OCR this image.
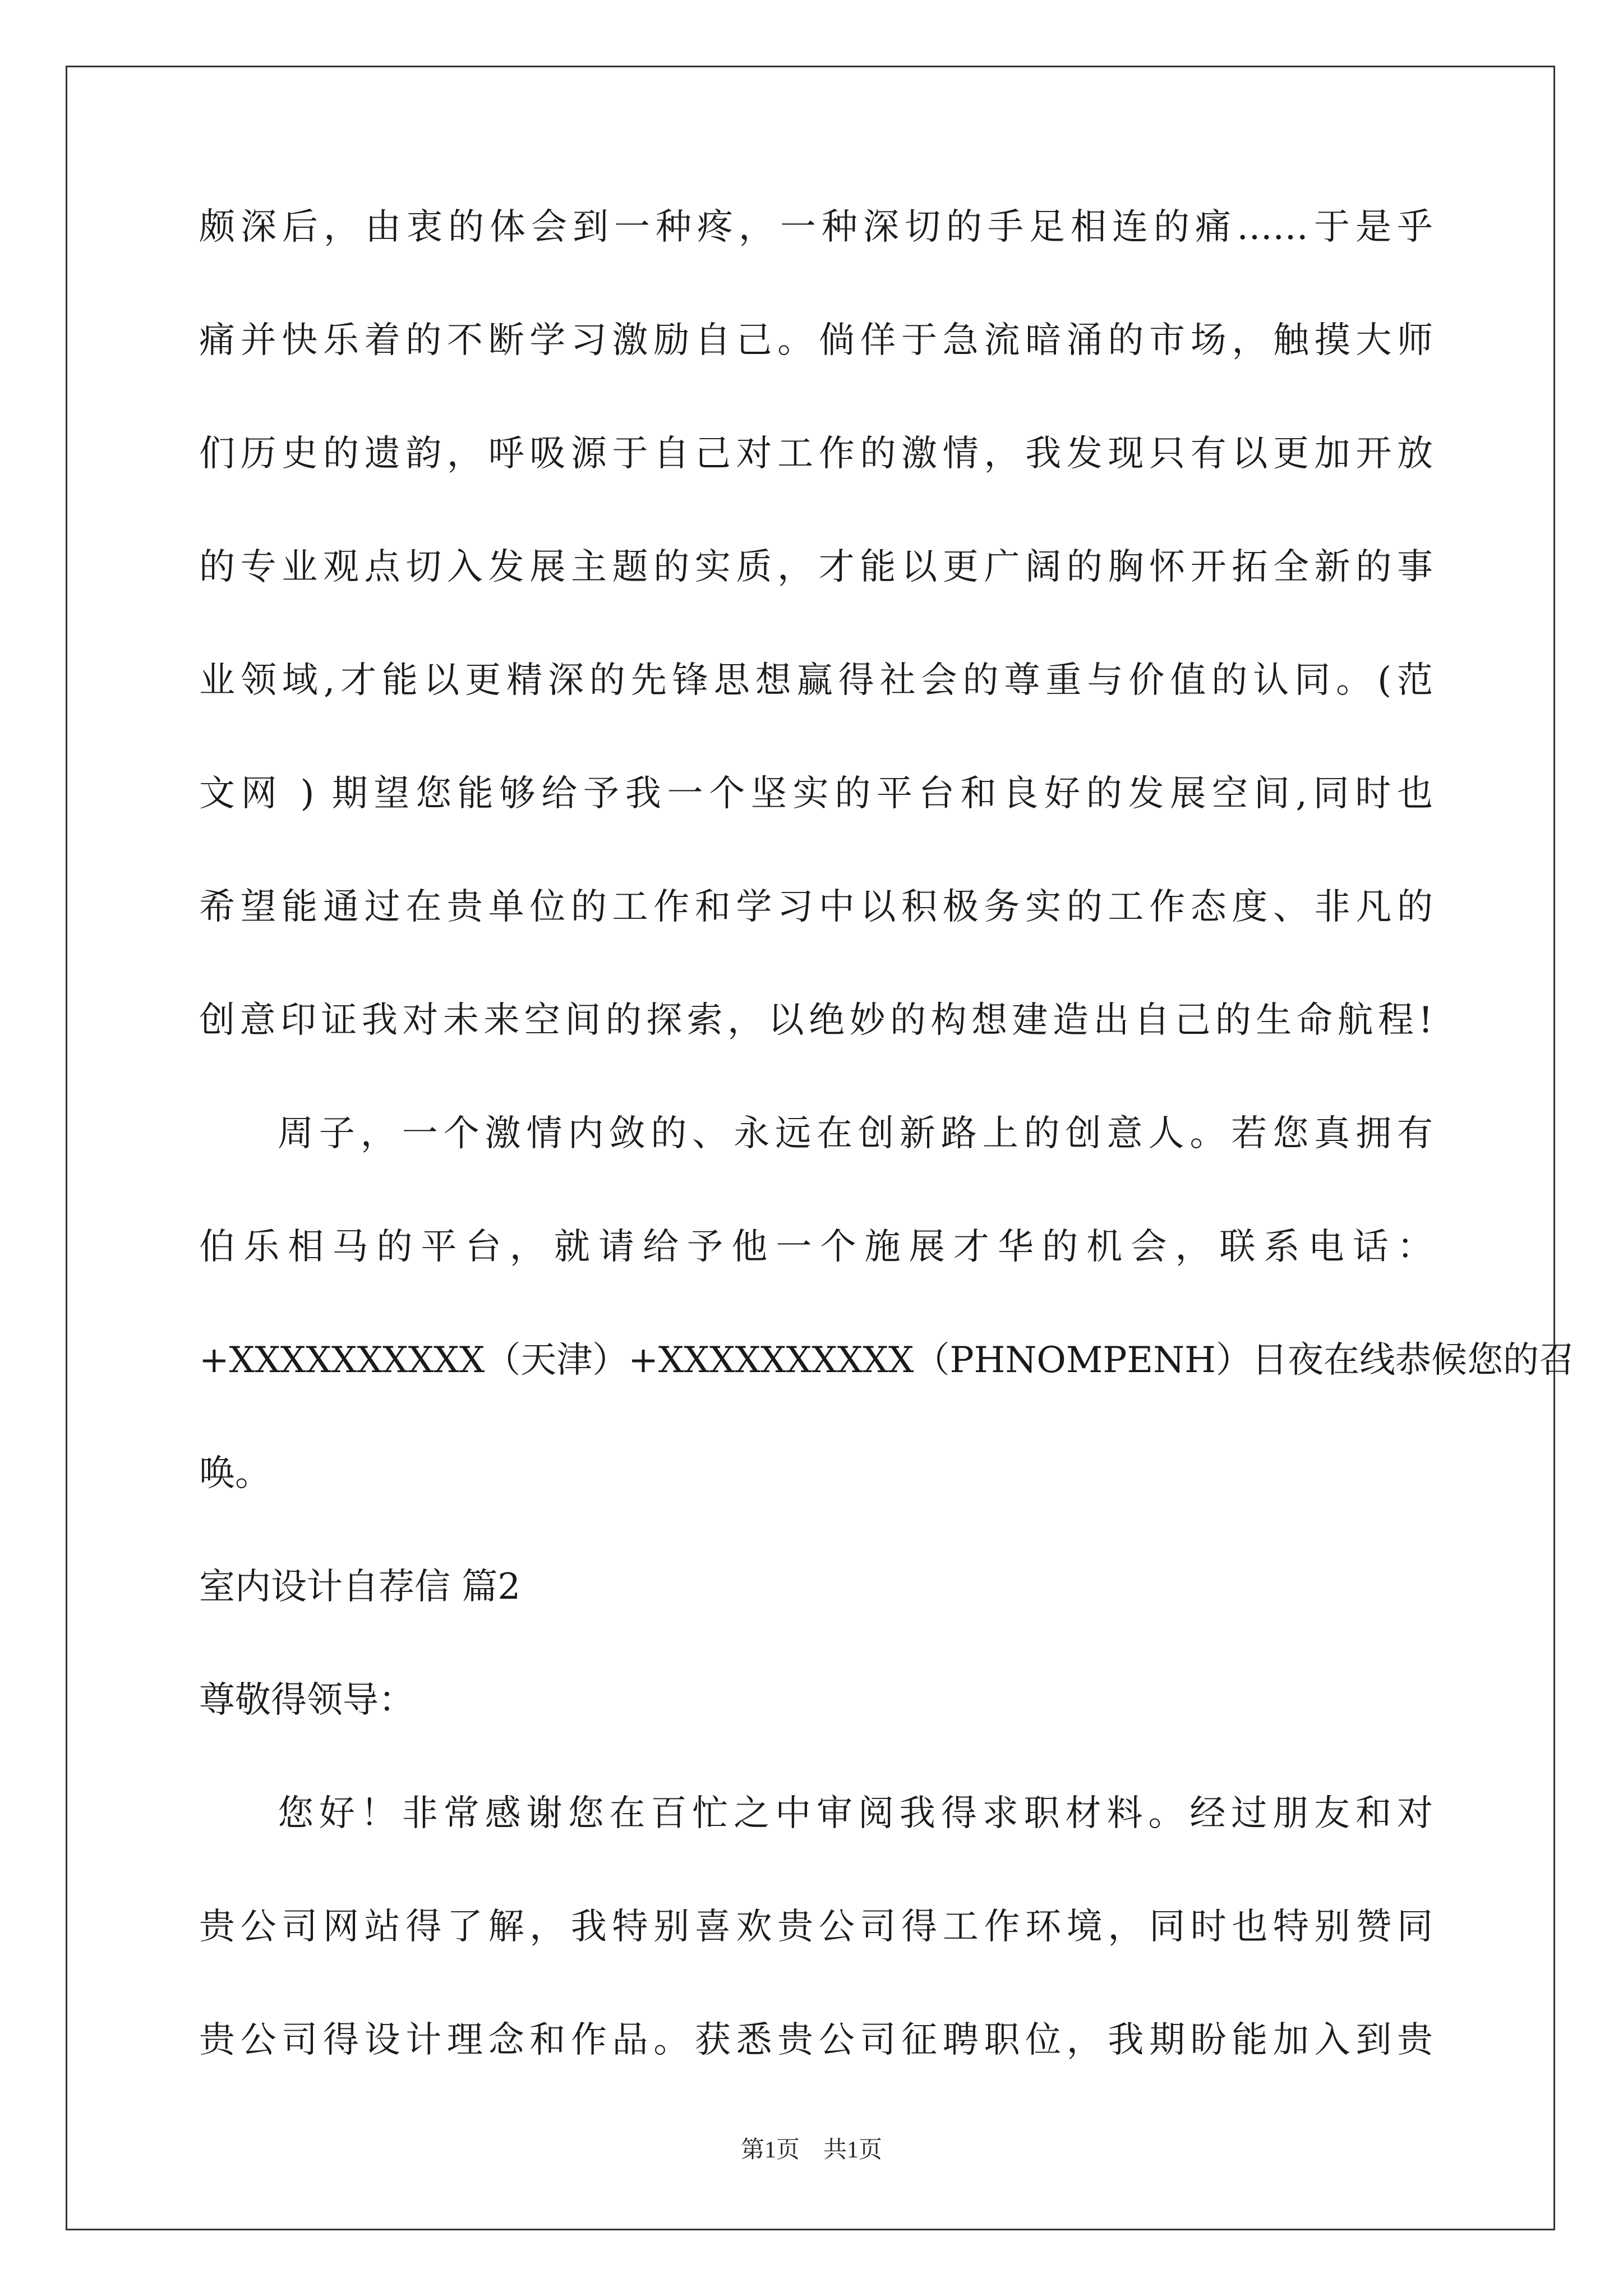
颇深后，由衷的体会到一种疼，一种深切的手足相连的痛……于是乎
痛并快乐着的不断学习激励自己。倘佯于急流暗涌的市场，触摸大师
们历史的遗韵，呼吸源于自己对工作的激情，我发现只有以更加开放
的专业观点切入发展主题的实质，才能以更广阔的胸怀开拓全新的事
业领域,才能以更精深的先锋思想赢得社会的尊重与价值的认同。(范
文网 ) 期望您能够给予我一个坚实的平台和良好的发展空间,同时也
希望能通过在贵单位的工作和学习中以积极务实的工作态度、非凡的
创意印证我对未来空间的探索，以绝妙的构想建造出自己的生命航程!
周子，一个激情内敛的、永远在创新路上的创意人。若您真拥有
伯乐相马的平台，就请给予他一个施展才华的机会，联系电话：
+XXXXXXXXXX（天津）+XXXXXXXXXX（PHNOMPENH）日夜在线恭候您的召
唤。
室内设计自荐信 篇2
尊敬得领导：
您好！非常感谢您在百忙之中审阅我得求职材料。经过朋友和对
贵公司网站得了解，我特别喜欢贵公司得工作环境，同时也特别赞同
贵公司得设计理念和作品。获悉贵公司征聘职位，我期盼能加入到贵
第1页　共1页
